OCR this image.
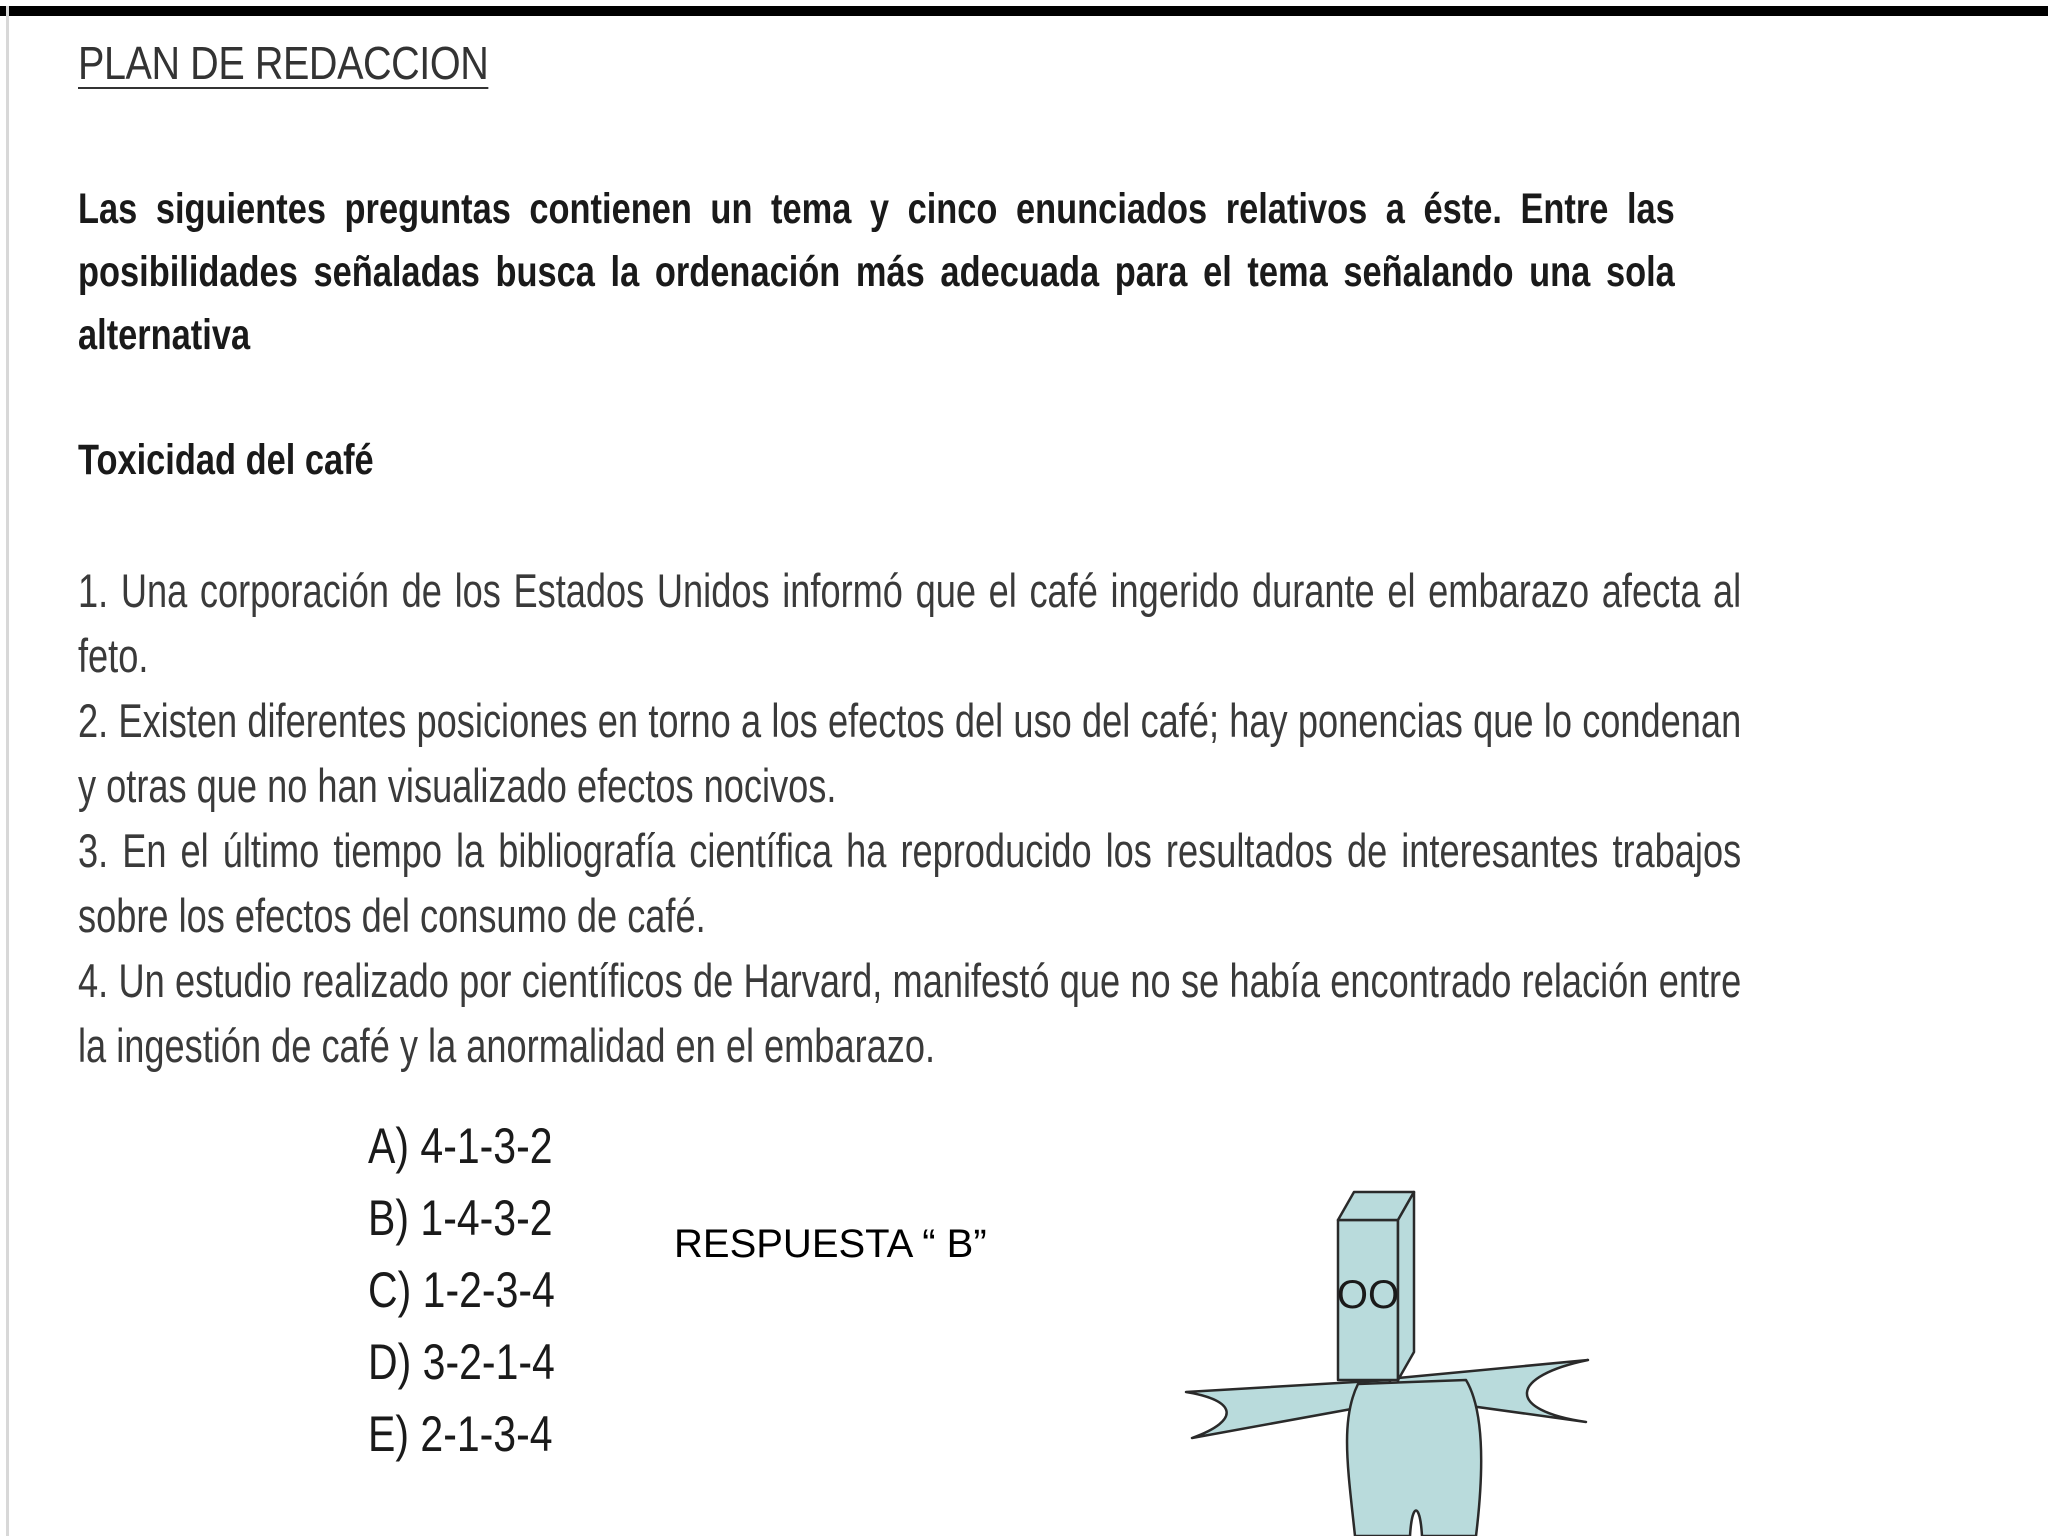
PLAN DE REDACCION

Las siguientes preguntas contienen un tema y cinco enunciados relativos a éste. Entre las posibilidades señaladas busca la ordenación más adecuada para el tema señalando una sola alternativa

Toxicidad del café

1. Una corporación de los Estados Unidos informó que el café ingerido durante el embarazo afecta al feto.
2. Existen diferentes posiciones en torno a los efectos del uso del café; hay ponencias que lo condenan y otras que no han visualizado efectos nocivos.
3. En el último tiempo la bibliografía científica ha reproducido los resultados de interesantes trabajos sobre los efectos del consumo de café.
4. Un estudio realizado por científicos de Harvard, manifestó que no se había encontrado relación entre la ingestión de café y la anormalidad en el embarazo.
A) 4-1-3-2
B) 1-4-3-2
C) 1-2-3-4
D) 3-2-1-4
E) 2-1-3-4

RESPUESTA “ B”

OO
